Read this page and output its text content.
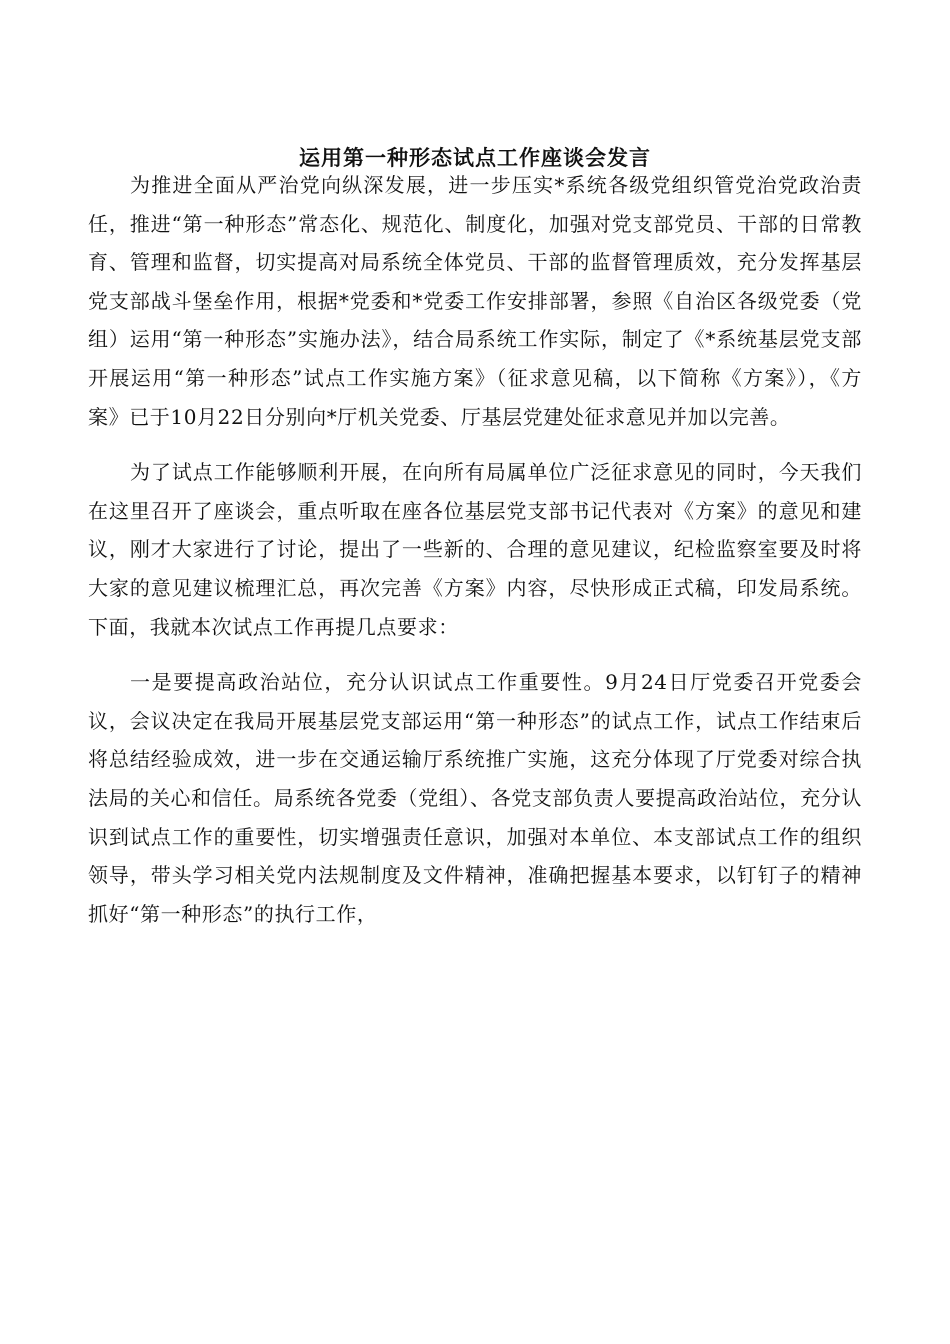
运用第一种形态试点工作座谈会发言

为推进全面从严治党向纵深发展，进一步压实*系统各级党组织管党治党政治责任，推进“第一种形态”常态化、规范化、制度化，加强对党支部党员、干部的日常教育、管理和监督，切实提高对局系统全体党员、干部的监督管理质效，充分发挥基层党支部战斗堡垒作用，根据*党委和*党委工作安排部署，参照《自治区各级党委（党组）运用“第一种形态”实施办法》，结合局系统工作实际，制定了《*系统基层党支部开展运用“第一种形态”试点工作实施方案》（征求意见稿，以下简称《方案》），《方案》已于10月22日分别向*厅机关党委、厅基层党建处征求意见并加以完善。

为了试点工作能够顺利开展，在向所有局属单位广泛征求意见的同时，今天我们在这里召开了座谈会，重点听取在座各位基层党支部书记代表对《方案》的意见和建议，刚才大家进行了讨论，提出了一些新的、合理的意见建议，纪检监察室要及时将大家的意见建议梳理汇总，再次完善《方案》内容，尽快形成正式稿，印发局系统。下面，我就本次试点工作再提几点要求：

一是要提高政治站位，充分认识试点工作重要性。9月24日厅党委召开党委会议，会议决定在我局开展基层党支部运用“第一种形态”的试点工作，试点工作结束后将总结经验成效，进一步在交通运输厅系统推广实施，这充分体现了厅党委对综合执法局的关心和信任。局系统各党委（党组）、各党支部负责人要提高政治站位，充分认识到试点工作的重要性，切实增强责任意识，加强对本单位、本支部试点工作的组织领导，带头学习相关党内法规制度及文件精神，准确把握基本要求，以钉钉子的精神抓好“第一种形态”的执行工作，
